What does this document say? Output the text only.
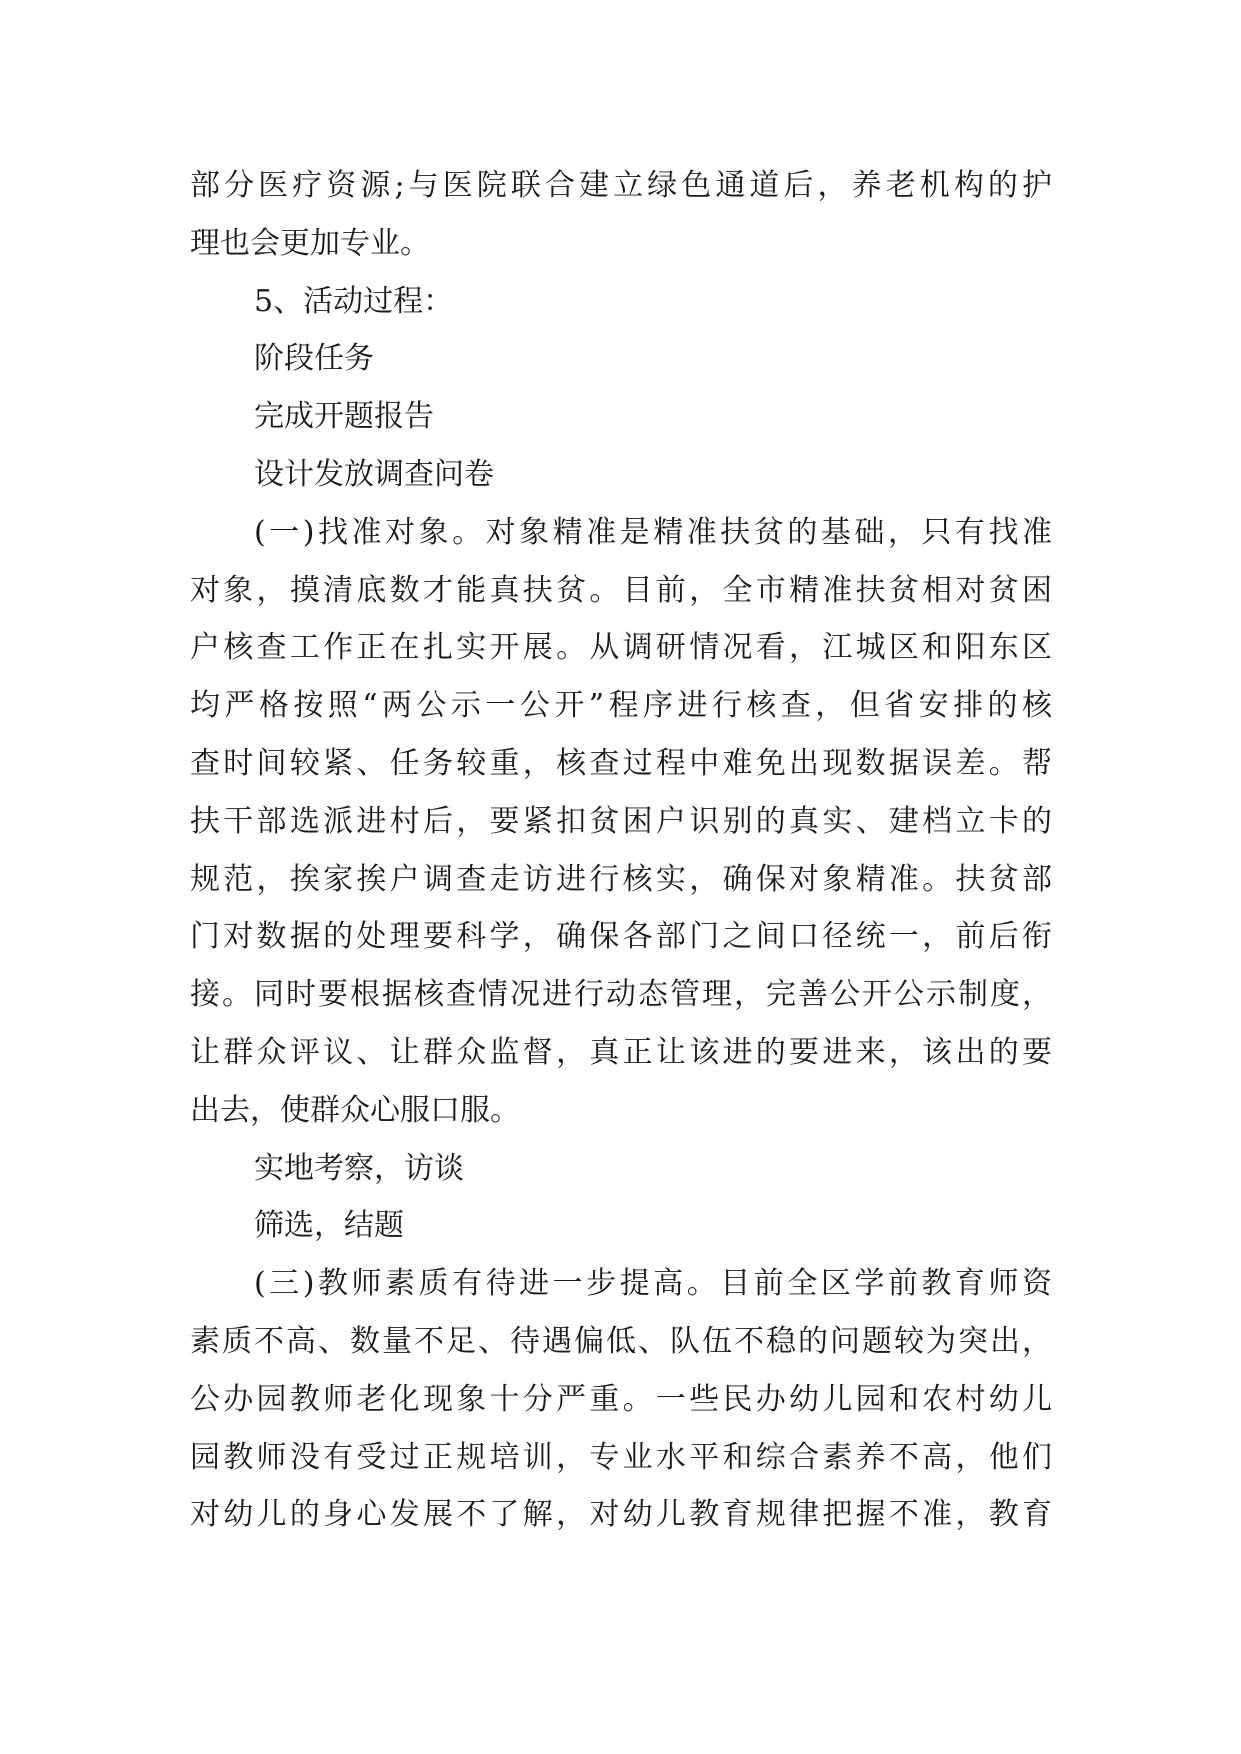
部分医疗资源;与医院联合建立绿色通道后，养老机构的护
理也会更加专业。
5、活动过程：
阶段任务
完成开题报告
设计发放调查问卷
(一)找准对象。对象精准是精准扶贫的基础，只有找准
对象，摸清底数才能真扶贫。目前，全市精准扶贫相对贫困
户核查工作正在扎实开展。从调研情况看，江城区和阳东区
均严格按照“两公示一公开”程序进行核查，但省安排的核
查时间较紧、任务较重，核查过程中难免出现数据误差。帮
扶干部选派进村后，要紧扣贫困户识别的真实、建档立卡的
规范，挨家挨户调查走访进行核实，确保对象精准。扶贫部
门对数据的处理要科学，确保各部门之间口径统一，前后衔
接。同时要根据核查情况进行动态管理，完善公开公示制度，
让群众评议、让群众监督，真正让该进的要进来，该出的要
出去，使群众心服口服。
实地考察，访谈
筛选，结题
(三)教师素质有待进一步提高。目前全区学前教育师资
素质不高、数量不足、待遇偏低、队伍不稳的问题较为突出，
公办园教师老化现象十分严重。一些民办幼儿园和农村幼儿
园教师没有受过正规培训，专业水平和综合素养不高，他们
对幼儿的身心发展不了解，对幼儿教育规律把握不准，教育
